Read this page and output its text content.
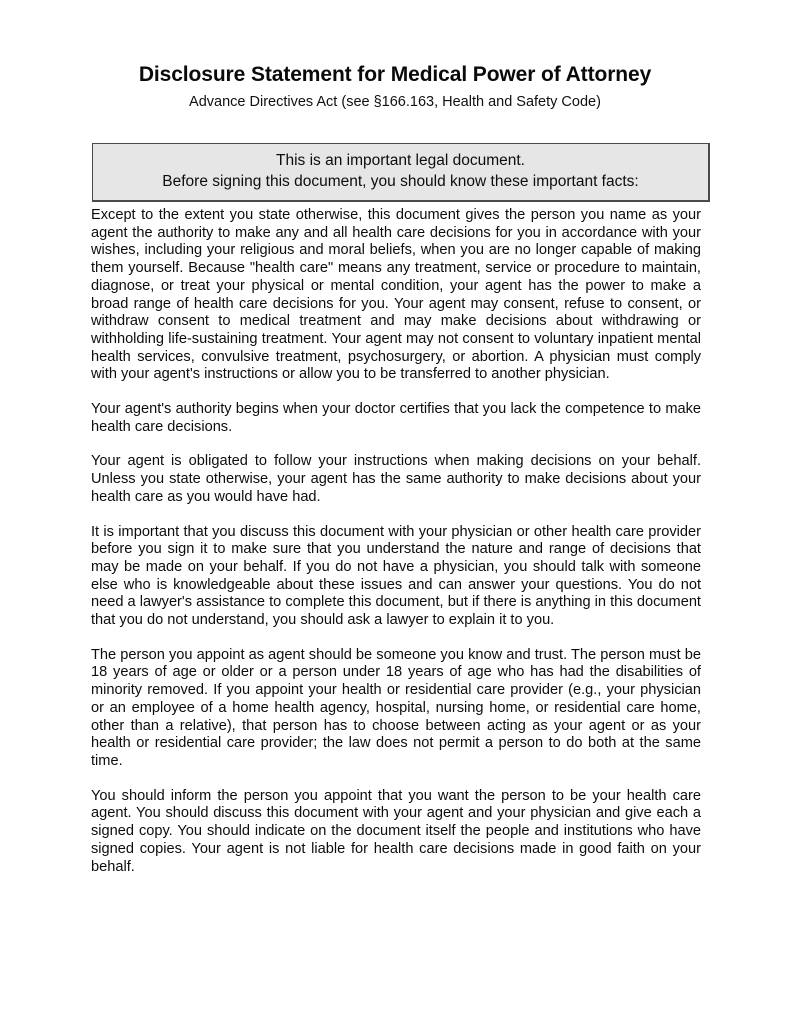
Disclosure Statement for Medical Power of Attorney
Advance Directives Act (see §166.163, Health and Safety Code)
This is an important legal document.
Before signing this document, you should know these important facts:

Except to the extent you state otherwise, this document gives the person you name as your agent the authority to make any and all health care decisions for you in accordance with your wishes, including your religious and moral beliefs, when you are no longer capable of making them yourself. Because "health care" means any treatment, service or procedure to maintain, diagnose, or treat your physical or mental condition, your agent has the power to make a broad range of health care decisions for you. Your agent may consent, refuse to consent, or withdraw consent to medical treatment and may make decisions about withdrawing or withholding life-sustaining treatment. Your agent may not consent to voluntary inpatient mental health services, convulsive treatment, psychosurgery, or abortion. A physician must comply with your agent's instructions or allow you to be transferred to another physician.

Your agent's authority begins when your doctor certifies that you lack the competence to make health care decisions.

Your agent is obligated to follow your instructions when making decisions on your behalf. Unless you state otherwise, your agent has the same authority to make decisions about your health care as you would have had.

It is important that you discuss this document with your physician or other health care provider before you sign it to make sure that you understand the nature and range of decisions that may be made on your behalf. If you do not have a physician, you should talk with someone else who is knowledgeable about these issues and can answer your questions. You do not need a lawyer's assistance to complete this document, but if there is anything in this document that you do not understand, you should ask a lawyer to explain it to you.

The person you appoint as agent should be someone you know and trust. The person must be 18 years of age or older or a person under 18 years of age who has had the disabilities of minority removed. If you appoint your health or residential care provider (e.g., your physician or an employee of a home health agency, hospital, nursing home, or residential care home, other than a relative), that person has to choose between acting as your agent or as your health or residential care provider; the law does not permit a person to do both at the same time.

You should inform the person you appoint that you want the person to be your health care agent. You should discuss this document with your agent and your physician and give each a signed copy. You should indicate on the document itself the people and institutions who have signed copies. Your agent is not liable for health care decisions made in good faith on your behalf.
